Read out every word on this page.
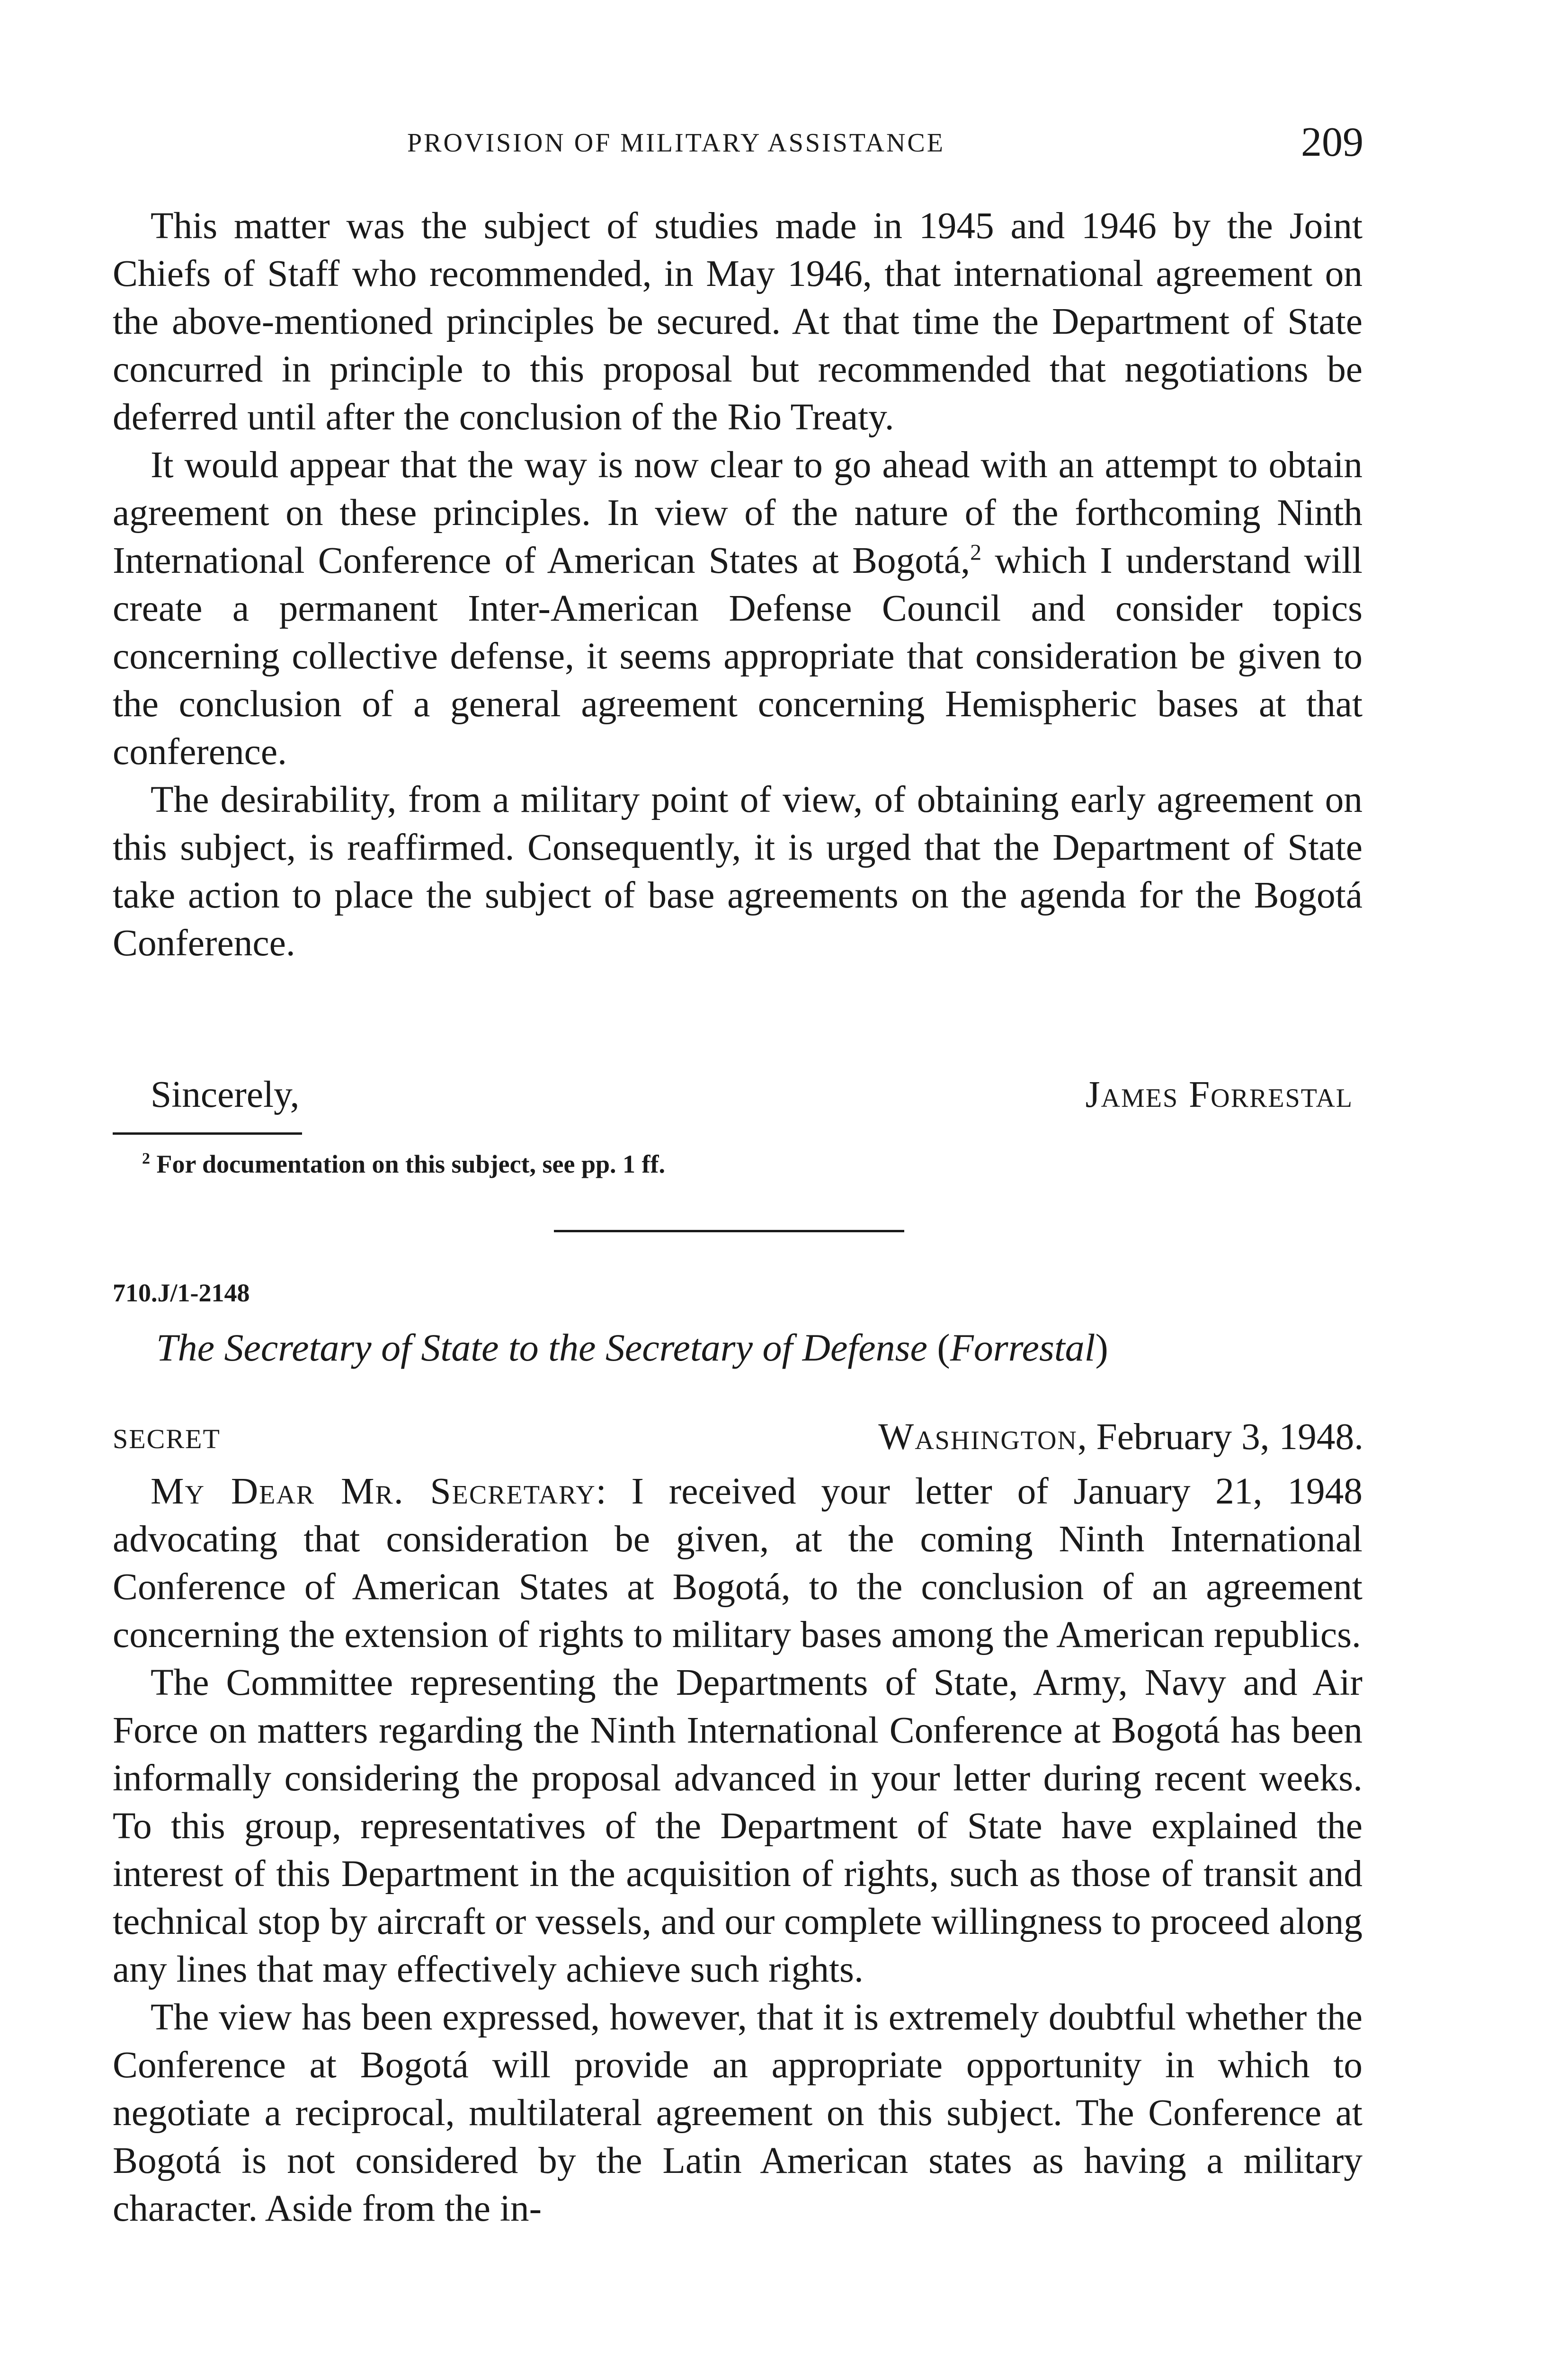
PROVISION OF MILITARY ASSISTANCE	209

This matter was the subject of studies made in 1945 and 1946 by the Joint Chiefs of Staff who recommended, in May 1946, that international agreement on the above-mentioned principles be secured. At that time the Department of State concurred in principle to this proposal but recommended that negotiations be deferred until after the conclusion of the Rio Treaty.

It would appear that the way is now clear to go ahead with an attempt to obtain agreement on these principles. In view of the nature of the forthcoming Ninth International Conference of American States at Bogotá,$^2$ which I understand will create a permanent Inter-American Defense Council and consider topics concerning collective defense, it seems appropriate that consideration be given to the conclusion of a general agreement concerning Hemispheric bases at that conference.

The desirability, from a military point of view, of obtaining early agreement on this subject, is reaffirmed. Consequently, it is urged that the Department of State take action to place the subject of base agreements on the agenda for the Bogotá Conference.

Sincerely,	James Forrestal
$^2$ For documentation on this subject, see pp. 1 ff.
710.J/1-2148
The Secretary of State to the Secretary of Defense (Forrestal)
SECRET	Washington, February 3, 1948.

My Dear Mr. Secretary: I received your letter of January 21, 1948 advocating that consideration be given, at the coming Ninth International Conference of American States at Bogotá, to the conclusion of an agreement concerning the extension of rights to military bases among the American republics.

The Committee representing the Departments of State, Army, Navy and Air Force on matters regarding the Ninth International Conference at Bogotá has been informally considering the proposal advanced in your letter during recent weeks. To this group, representatives of the Department of State have explained the interest of this Department in the acquisition of rights, such as those of transit and technical stop by aircraft or vessels, and our complete willingness to proceed along any lines that may effectively achieve such rights.

The view has been expressed, however, that it is extremely doubtful whether the Conference at Bogotá will provide an appropriate opportunity in which to negotiate a reciprocal, multilateral agreement on this subject. The Conference at Bogotá is not considered by the Latin American states as having a military character. Aside from the in-
